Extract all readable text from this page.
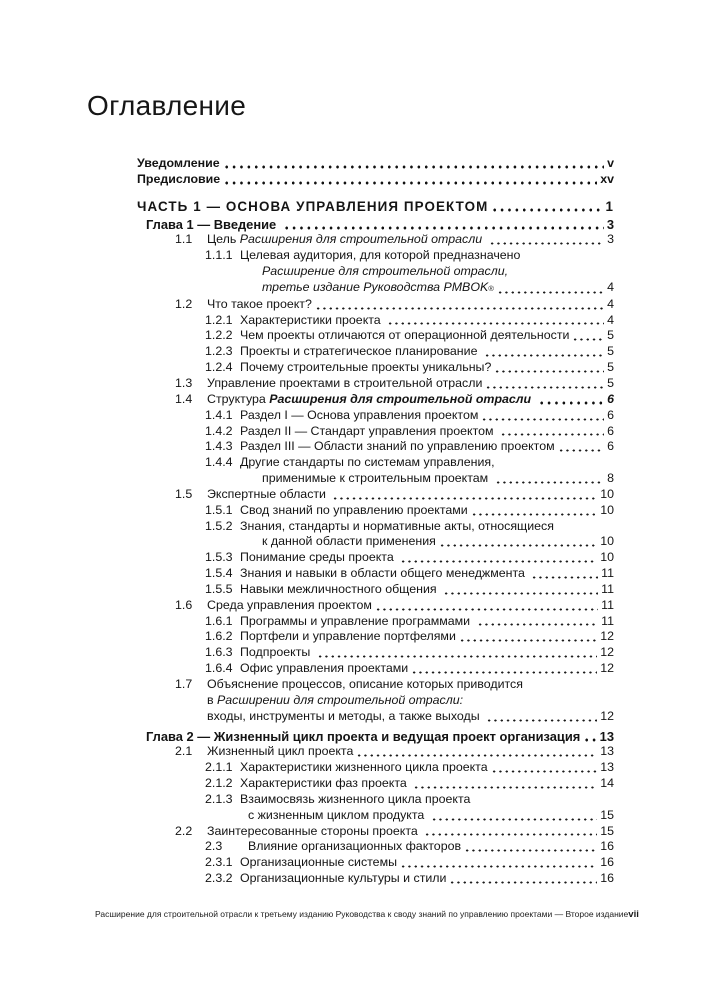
Оглавление
Уведомление	v
Предисловие	xv
ЧАСТЬ 1 — ОСНОВА УПРАВЛЕНИЯ ПРОЕКТОМ	1
Глава 1 — Введение	3
1.1 Цель Расширения для строительной отрасли	3
1.1.1 Целевая аудитория, для которой предназначено
Расширение для строительной отрасли,
третье издание Руководства PMBOK ®	4
1.2 Что такое проект?	4
1.2.1 Характеристики проекта	4
1.2.2 Чем проекты отличаются от операционной деятельности	5
1.2.3 Проекты и стратегическое планирование	5
1.2.4 Почему строительные проекты уникальны?	5
1.3 Управление проектами в строительной отрасли	5
1.4 Структура Расширения для строительной отрасли	6
1.4.1 Раздел I — Основа управления проектом	6
1.4.2 Раздел II — Стандарт управления проектом	6
1.4.3 Раздел III — Области знаний по управлению проектом	6
1.4.4 Другие стандарты по системам управления,
применимые к строительным проектам	8
1.5 Экспертные области	10
1.5.1 Свод знаний по управлению проектами	10
1.5.2 Знания, стандарты и нормативные акты, относящиеся
к данной области применения	10
1.5.3 Понимание среды проекта	10
1.5.4 Знания и навыки в области общего менеджмента	11
1.5.5 Навыки межличностного общения	11
1.6 Среда управления проектом	11
1.6.1 Программы и управление программами	11
1.6.2 Портфели и управление портфелями	12
1.6.3 Подпроекты	12
1.6.4 Офис управления проектами	12
1.7 Объяснение процессов, описание которых приводится
в Расширении для строительной отрасли:
входы, инструменты и методы, а также выходы	12
Глава 2 — Жизненный цикл проекта и ведущая проект организация 13
2.1 Жизненный цикл проекта	13
2.1.1 Характеристики жизненного цикла проекта	13
2.1.2 Характеристики фаз проекта	14
2.1.3 Взаимосвязь жизненного цикла проекта
с жизненным циклом продукта	15
2.2 Заинтересованные стороны проекта	15
2.3 Влияние организационных факторов	16
2.3.1 Организационные системы	16
2.3.2 Организационные культуры и стили	16
Расширение для строительной отрасли к третьему изданию Руководства к своду знаний по управлению проектами — Второе издание vii
